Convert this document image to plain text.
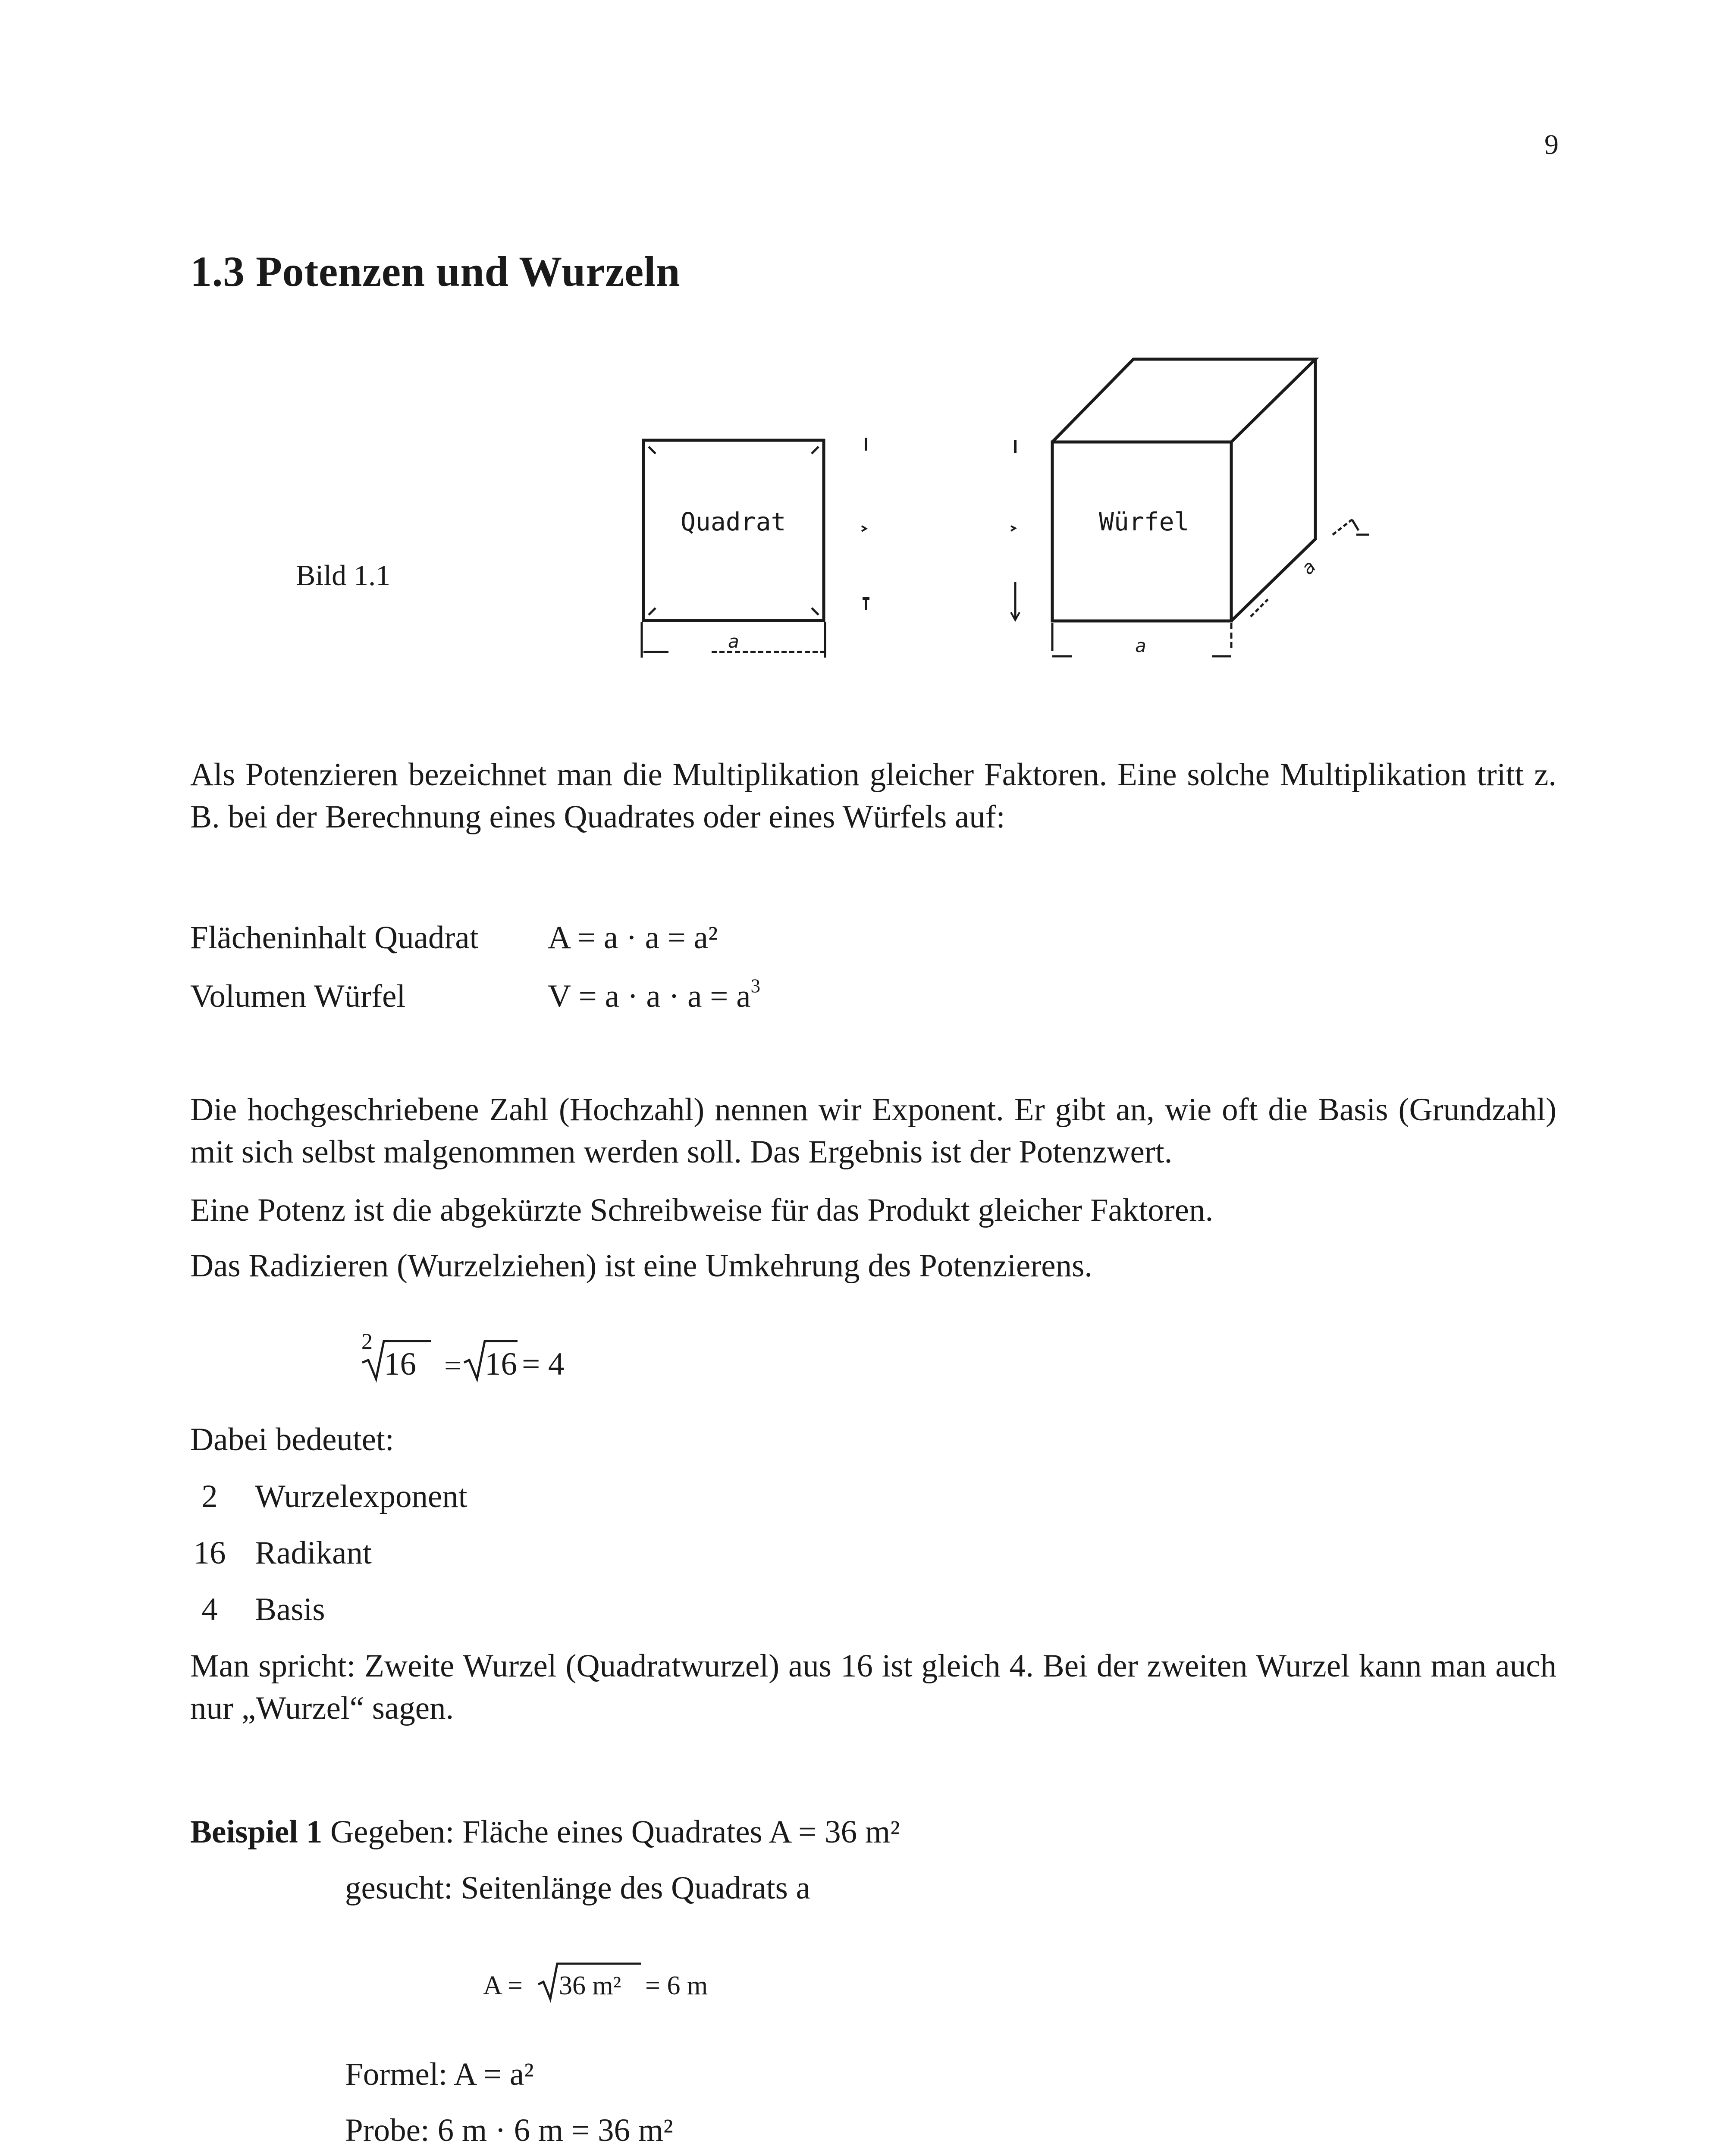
9
1.3 Potenzen und Wurzeln
Bild 1.1
Quadrat
a
Würfel
a
a
Als Potenzieren bezeichnet man die Multiplikation gleicher Faktoren. Eine solche Multiplikation tritt z. B. bei der Berechnung eines Quadrates oder eines Würfels auf:
Flächeninhalt Quadrat A = a · a = a²
Volumen Würfel	$V = a \cdot a \cdot a = a^3$
Die hochgeschriebene Zahl (Hochzahl) nennen wir Exponent. Er gibt an, wie oft die Basis (Grundzahl) mit sich selbst malgenommen werden soll. Das Ergebnis ist der Potenzwert.
Eine Potenz ist die abgekürzte Schreibweise für das Produkt gleicher Faktoren.
Das Radizieren (Wurzelziehen) ist eine Umkehrung des Potenzierens.
2
16 = 16 = 4
Dabei bedeutet:
2	Wurzelexponent
16 Radikant
4	Basis
Man spricht: Zweite Wurzel (Quadratwurzel) aus 16 ist gleich 4. Bei der zweiten Wurzel kann man auch nur „Wurzel“ sagen.
Beispiel 1 Gegeben: Fläche eines Quadrates A = 36 m²
gesucht: Seitenlänge des Quadrats a
A = 36 m² = 6 m
Formel: A = a²
Probe: 6 m · 6 m = 36 m²
